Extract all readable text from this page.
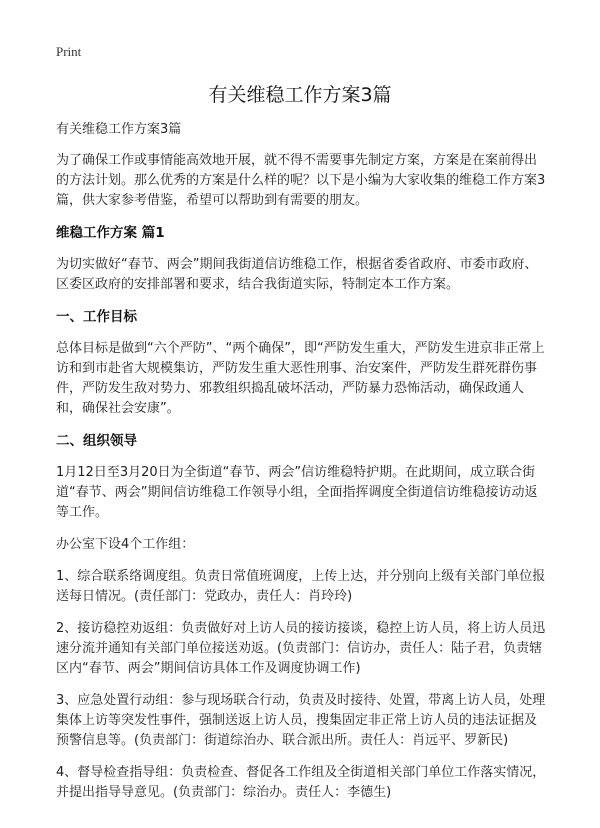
Print
有关维稳工作方案3篇

有关维稳工作方案3篇

为了确保工作或事情能高效地开展，就不得不需要事先制定方案，方案是在案前得出的方法计划。那么优秀的方案是什么样的呢？以下是小编为大家收集的维稳工作方案3篇，供大家参考借鉴，希望可以帮助到有需要的朋友。

维稳工作方案 篇1

为切实做好“春节、两会”期间我街道信访维稳工作，根据省委省政府、市委市政府、区委区政府的安排部署和要求，结合我街道实际，特制定本工作方案。

一、工作目标

总体目标是做到“六个严防”、“两个确保”，即“严防发生重大，严防发生进京非正常上访和到市赴省大规模集访，严防发生重大恶性刑事、治安案件，严防发生群死群伤事件，严防发生敌对势力、邪教组织捣乱破坏活动，严防暴力恐怖活动，确保政通人和，确保社会安康”。

二、组织领导

1月12日至3月20日为全街道“春节、两会”信访维稳特护期。在此期间，成立联合街道“春节、两会”期间信访维稳工作领导小组，全面指挥调度全街道信访维稳接访动返等工作。

办公室下设4个工作组：

1、综合联系络调度组。负责日常值班调度，上传上达，并分别向上级有关部门单位报送每日情况。(责任部门：党政办，责任人：肖玲玲)

2、接访稳控劝返组：负责做好对上访人员的接访接谈，稳控上访人员，将上访人员迅速分流并通知有关部门单位接送劝返。(负责部门：信访办，责任人：陆子君，负责辖区内“春节、两会”期间信访具体工作及调度协调工作)

3、应急处置行动组：参与现场联合行动，负责及时接待、处置，带离上访人员，处理集体上访等突发性事件，强制送返上访人员，搜集固定非正常上访人员的违法证据及预警信息等。(负责部门：街道综治办、联合派出所。责任人：肖远平、罗新民)

4、督导检查指导组：负责检查、督促各工作组及全街道相关部门单位工作落实情况，并提出指导导意见。(负责部门：综治办。责任人：李德生)
